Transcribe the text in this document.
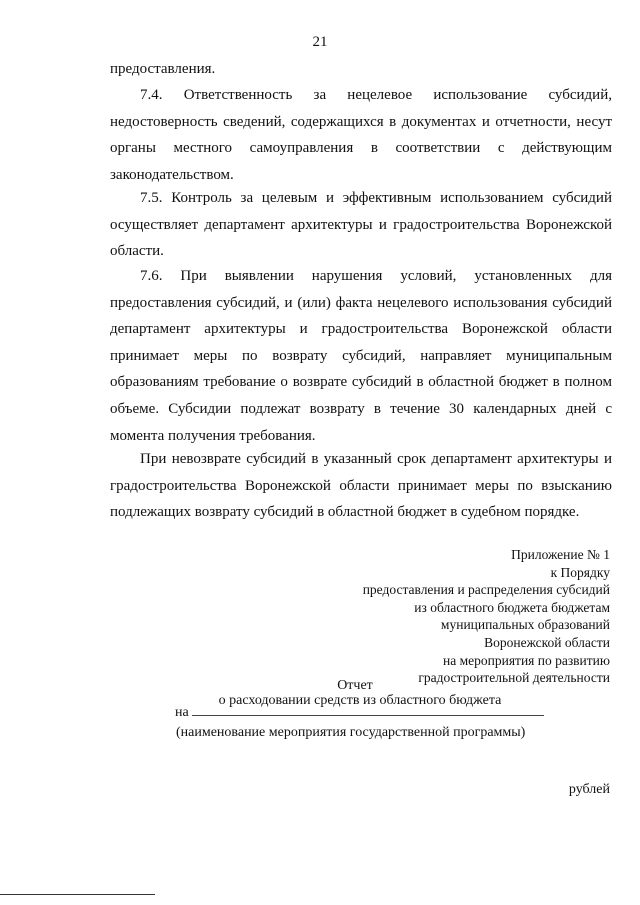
21
предоставления.
7.4. Ответственность за нецелевое использование субсидий,
недостоверность сведений, содержащихся в документах и отчетности, несут
органы местного самоуправления в соответствии с действующим
законодательством.
7.5. Контроль за целевым и эффективным использованием субсидий
осуществляет департамент архитектуры и градостроительства Воронежской
области.
7.6. При выявлении нарушения условий, установленных для
предоставления субсидий, и (или) факта нецелевого использования субсидий
департамент архитектуры и градостроительства Воронежской области
принимает меры по возврату субсидий, направляет муниципальным
образованиям требование о возврате субсидий в областной бюджет в полном
объеме. Субсидии подлежат возврату в течение 30 календарных дней с
момента получения требования.
При невозврате субсидий в указанный срок департамент архитектуры и
градостроительства Воронежской области принимает меры по взысканию
подлежащих возврату субсидий в областной бюджет в судебном порядке.
Приложение № 1
к Порядку
предоставления и распределения субсидий
из областного бюджета бюджетам
муниципальных образований
Воронежской области
на мероприятия по развитию
градостроительной деятельности
Отчет
о расходовании средств из областного бюджета
на
(наименование мероприятия государственной программы)
рублей
